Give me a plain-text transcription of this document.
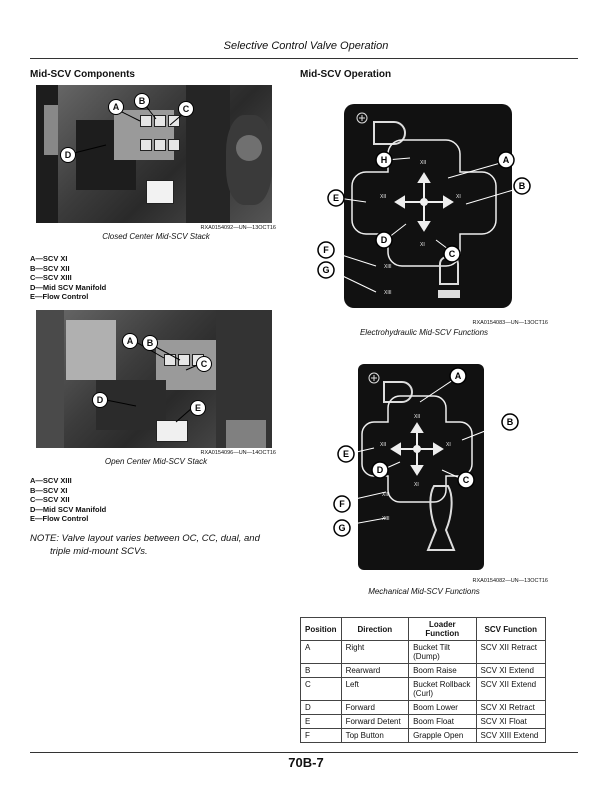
Selective Control Valve Operation
Mid-SCV Components
A
B
C
D
RXA0154092—UN—13OCT16
Closed Center Mid-SCV Stack
A—SCV XI
B—SCV XII
C—SCV XIII
D—Mid SCV Manifold
E—Flow Control
A	B
C
D
E
RXA0154096—UN—14OCT16
Open Center Mid-SCV Stack
A—SCV XIII
B—SCV XI
C—SCV XII
D—Mid SCV Manifold
E—Flow Control
NOTE: Valve layout varies between OC, CC, dual, and
triple mid-mount SCVs.
Mid-SCV Operation
XII	XI
XII
XI
XIII
XIII
A
B
C
D
E
F
G
H
RXA0154083—UN—13OCT16
Electrohydraulic Mid-SCV Functions
XII	XI
XII
XI
XIII
XIII
A
B
C
D
E
F
G
RXA0154082—UN—13OCT16
Mechanical Mid-SCV Functions
Position	Direction	Loader Function	SCV Function
A	Right	Bucket Tilt (Dump)	SCV XII Retract
B	Rearward	Boom Raise	SCV XI Extend
C	Left	Bucket Rollback (Curl)	SCV XII Extend
D	Forward	Boom Lower	SCV XI Retract
E	Forward Detent	Boom Float	SCV XI Float
F	Top Button	Grapple Open	SCV XIII Extend
70B-7
